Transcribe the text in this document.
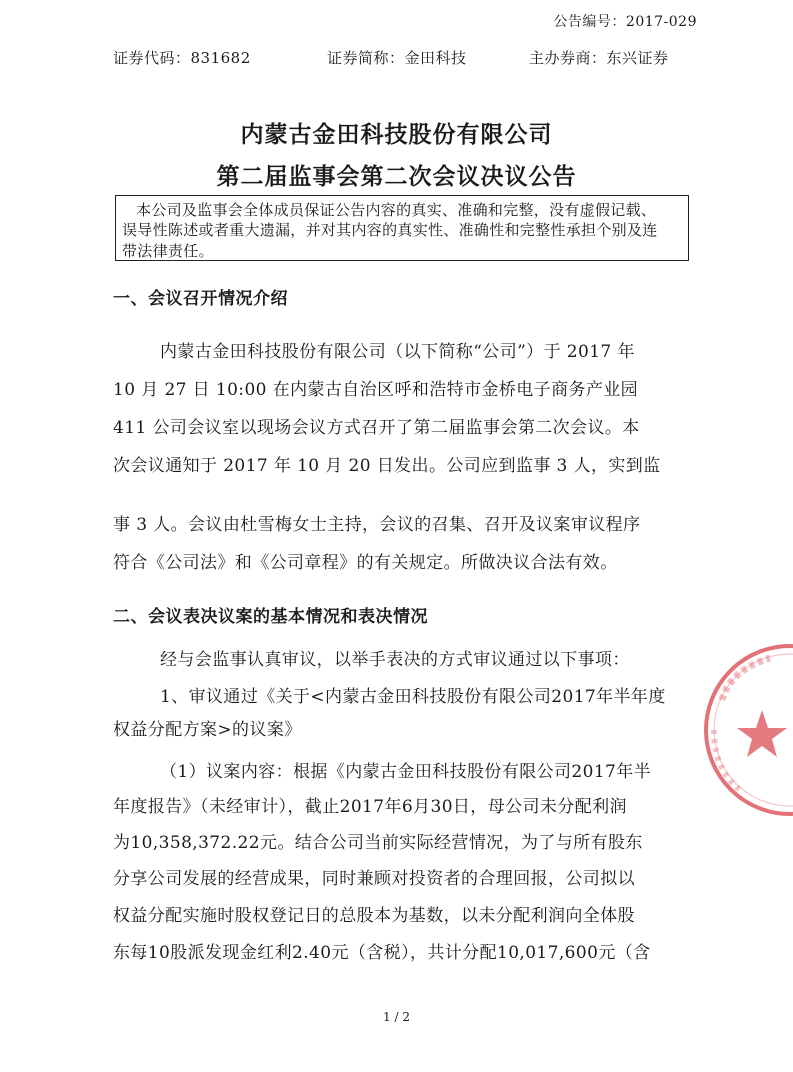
公告编号：2017-029
证券代码：831682	证券简称：金田科技	主办券商：东兴证券
内蒙古金田科技股份有限公司
第二届监事会第二次会议决议公告
本公司及监事会全体成员保证公告内容的真实、准确和完整，没有虚假记载、
误导性陈述或者重大遗漏，并对其内容的真实性、准确性和完整性承担个别及连
带法律责任。
一、会议召开情况介绍
内蒙古金田科技股份有限公司（以下简称“公司”）于 2017 年
10 月 27 日 10:00 在内蒙古自治区呼和浩特市金桥电子商务产业园
411 公司会议室以现场会议方式召开了第二届监事会第二次会议。本
次会议通知于 2017 年 10 月 20 日发出。公司应到监事 3 人，实到监
事 3 人。会议由杜雪梅女士主持，会议的召集、召开及议案审议程序
符合《公司法》和《公司章程》的有关规定。所做决议合法有效。
二、会议表决议案的基本情况和表决情况
经与会监事认真审议，以举手表决的方式审议通过以下事项：
1、审议通过《关于<内蒙古金田科技股份有限公司2017年半年度
权益分配方案>的议案》
（1）议案内容：根据《内蒙古金田科技股份有限公司2017年半
年度报告》（未经审计），截止2017年6月30日，母公司未分配利润
为10,358,372.22元。结合公司当前实际经营情况，为了与所有股东
分享公司发展的经营成果，同时兼顾对投资者的合理回报，公司拟以
权益分配实施时股权登记日的总股本为基数，以未分配利润向全体股
东每10股派发现金红利2.40元（含税），共计分配10,017,600元（含
1 / 2
